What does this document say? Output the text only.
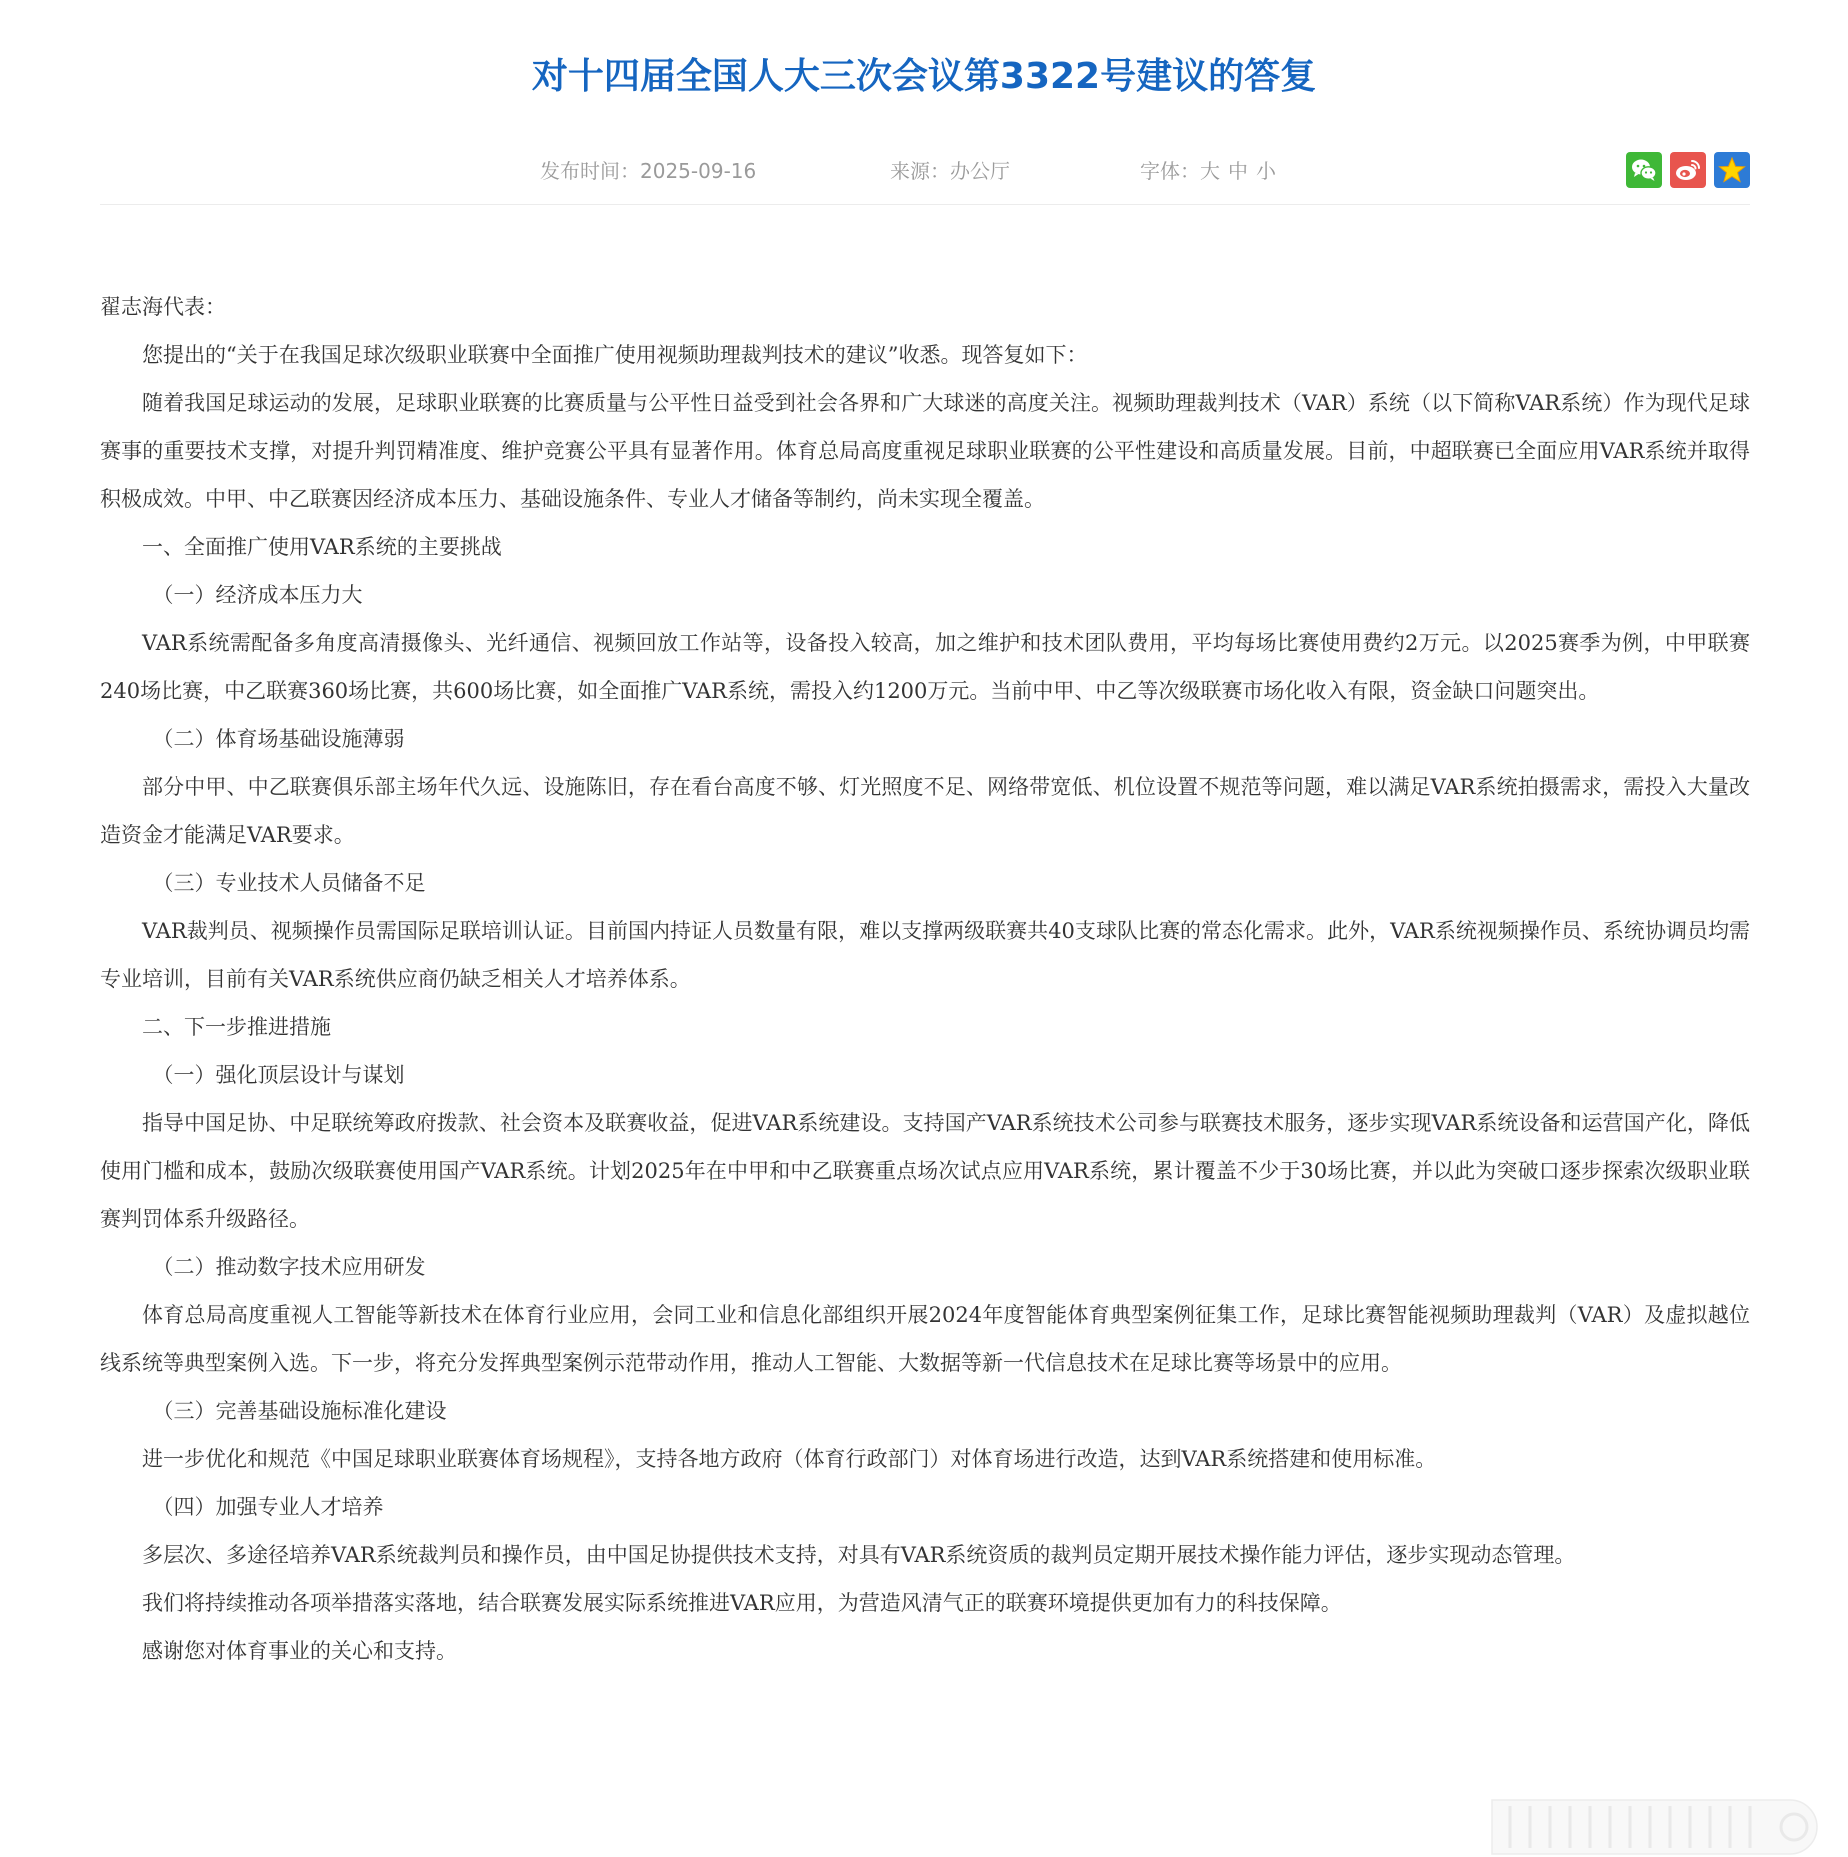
对十四届全国人大三次会议第3322号建议的答复
发布时间：2025-09-16	来源：办公厅	字体：大 中 小

翟志海代表：

您提出的“关于在我国足球次级职业联赛中全面推广使用视频助理裁判技术的建议”收悉。现答复如下：

随着我国足球运动的发展，足球职业联赛的比赛质量与公平性日益受到社会各界和广大球迷的高度关注。视频助理裁判技术（VAR）系统（以下简称VAR系统）作为现代足球赛事的重要技术支撑，对提升判罚精准度、维护竞赛公平具有显著作用。体育总局高度重视足球职业联赛的公平性建设和高质量发展。目前，中超联赛已全面应用VAR系统并取得积极成效。中甲、中乙联赛因经济成本压力、基础设施条件、专业人才储备等制约，尚未实现全覆盖。

一、全面推广使用VAR系统的主要挑战

（一）经济成本压力大

VAR系统需配备多角度高清摄像头、光纤通信、视频回放工作站等，设备投入较高，加之维护和技术团队费用，平均每场比赛使用费约2万元。以2025赛季为例，中甲联赛240场比赛，中乙联赛360场比赛，共600场比赛，如全面推广VAR系统，需投入约1200万元。当前中甲、中乙等次级联赛市场化收入有限，资金缺口问题突出。

（二）体育场基础设施薄弱

部分中甲、中乙联赛俱乐部主场年代久远、设施陈旧，存在看台高度不够、灯光照度不足、网络带宽低、机位设置不规范等问题，难以满足VAR系统拍摄需求，需投入大量改造资金才能满足VAR要求。

（三）专业技术人员储备不足

VAR裁判员、视频操作员需国际足联培训认证。目前国内持证人员数量有限，难以支撑两级联赛共40支球队比赛的常态化需求。此外，VAR系统视频操作员、系统协调员均需专业培训，目前有关VAR系统供应商仍缺乏相关人才培养体系。

二、下一步推进措施

（一）强化顶层设计与谋划

指导中国足协、中足联统筹政府拨款、社会资本及联赛收益，促进VAR系统建设。支持国产VAR系统技术公司参与联赛技术服务，逐步实现VAR系统设备和运营国产化，降低使用门槛和成本，鼓励次级联赛使用国产VAR系统。计划2025年在中甲和中乙联赛重点场次试点应用VAR系统，累计覆盖不少于30场比赛，并以此为突破口逐步探索次级职业联赛判罚体系升级路径。

（二）推动数字技术应用研发

体育总局高度重视人工智能等新技术在体育行业应用，会同工业和信息化部组织开展2024年度智能体育典型案例征集工作，足球比赛智能视频助理裁判（VAR）及虚拟越位线系统等典型案例入选。下一步，将充分发挥典型案例示范带动作用，推动人工智能、大数据等新一代信息技术在足球比赛等场景中的应用。

（三）完善基础设施标准化建设

进一步优化和规范《中国足球职业联赛体育场规程》，支持各地方政府（体育行政部门）对体育场进行改造，达到VAR系统搭建和使用标准。

（四）加强专业人才培养

多层次、多途径培养VAR系统裁判员和操作员，由中国足协提供技术支持，对具有VAR系统资质的裁判员定期开展技术操作能力评估，逐步实现动态管理。

我们将持续推动各项举措落实落地，结合联赛发展实际系统推进VAR应用，为营造风清气正的联赛环境提供更加有力的科技保障。

感谢您对体育事业的关心和支持。
